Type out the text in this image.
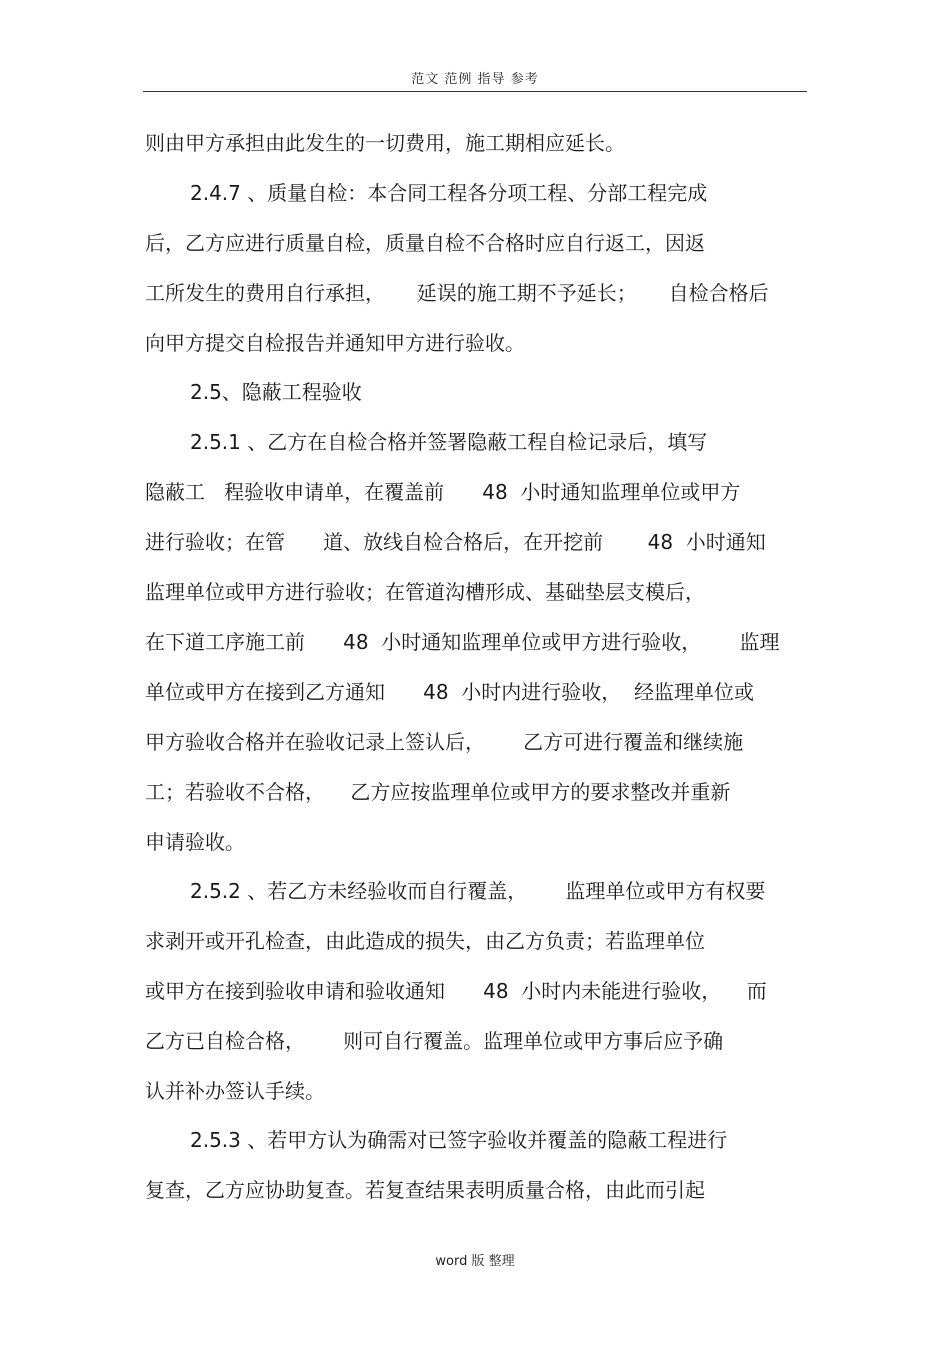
范文 范例 指导 参考
则由甲方承担由此发生的一切费用，施工期相应延长。
2.4.7 、质量自检：本合同工程各分项工程、分部工程完成
后，乙方应进行质量自检，质量自检不合格时应自行返工，因返
工所发生的费用自行承担，     延误的施工期不予延长；     自检合格后
向甲方提交自检报告并通知甲方进行验收。
2.5、隐蔽工程验收
2.5.1 、乙方在自检合格并签署隐蔽工程自检记录后，填写
隐蔽工   程验收申请单，在覆盖前      48  小时通知监理单位或甲方
进行验收；在管      道、放线自检合格后，在开挖前       48  小时通知
监理单位或甲方进行验收；在管道沟槽形成、基础垫层支模后，
在下道工序施工前      48  小时通知监理单位或甲方进行验收，      监理
单位或甲方在接到乙方通知      48  小时内进行验收，  经监理单位或
甲方验收合格并在验收记录上签认后，      乙方可进行覆盖和继续施
工；若验收不合格，    乙方应按监理单位或甲方的要求整改并重新
申请验收。
2.5.2 、若乙方未经验收而自行覆盖，      监理单位或甲方有权要
求剥开或开孔检查，由此造成的损失，由乙方负责；若监理单位
或甲方在接到验收申请和验收通知      48  小时内未能进行验收，    而
乙方已自检合格，      则可自行覆盖。监理单位或甲方事后应予确
认并补办签认手续。
2.5.3 、若甲方认为确需对已签字验收并覆盖的隐蔽工程进行
复查，乙方应协助复查。若复查结果表明质量合格，由此而引起
word 版 整理
